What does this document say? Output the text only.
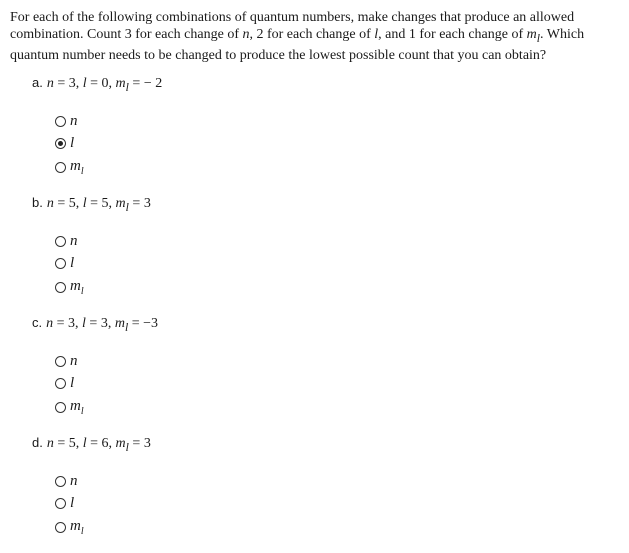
For each of the following combinations of quantum numbers, make changes that produce an allowed combination. Count 3 for each change of n, 2 for each change of l, and 1 for each change of $m_l$. Which quantum number needs to be changed to produce the lowest possible count that you can obtain?
a. n = 3, l = 0, $m_l$ = − 2
n
l
$m_l$
b. n = 5, l = 5, $m_l = 3$
n
l
$m_l$
c. n = 3, l = 3, $m_l = -3$
n
l
$m_l$
d. n = 5, l = 6, $m_l = 3$
n
l
$m_l$
